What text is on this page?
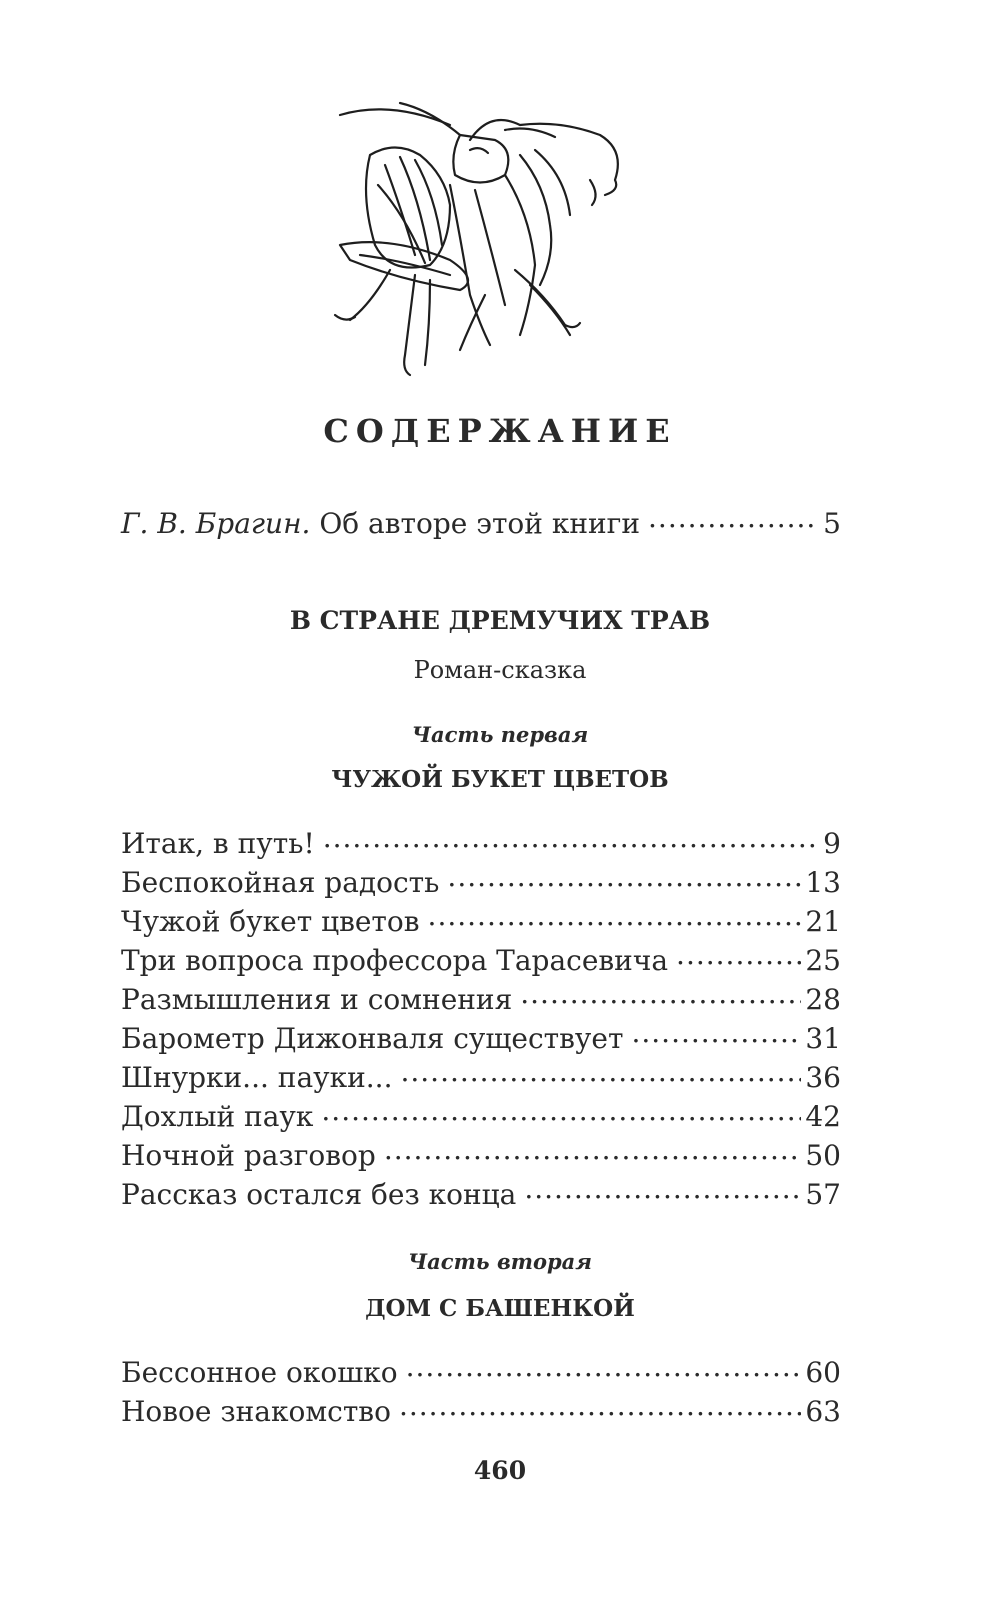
СОДЕРЖАНИЕ
Г. В. Брагин. Об авторе этой книги .....	5
В СТРАНЕ ДРЕМУЧИХ ТРАВ
Роман-сказка
Часть первая
ЧУЖОЙ БУКЕТ ЦВЕТОВ
Итак, в путь! .....	9
Беспокойная радость .....	13
Чужой букет цветов .....	21
Три вопроса профессора Тарасевича .....	25
Размышления и сомнения .....	28
Барометр Дижонваля существует .....	31
Шнурки... пауки... .....	36
Дохлый паук .....	42
Ночной разговор .....	50
Рассказ остался без конца .....	57
Часть вторая
ДОМ С БАШЕНКОЙ
Бессонное окошко .....	60
Новое знакомство .....	63
460
